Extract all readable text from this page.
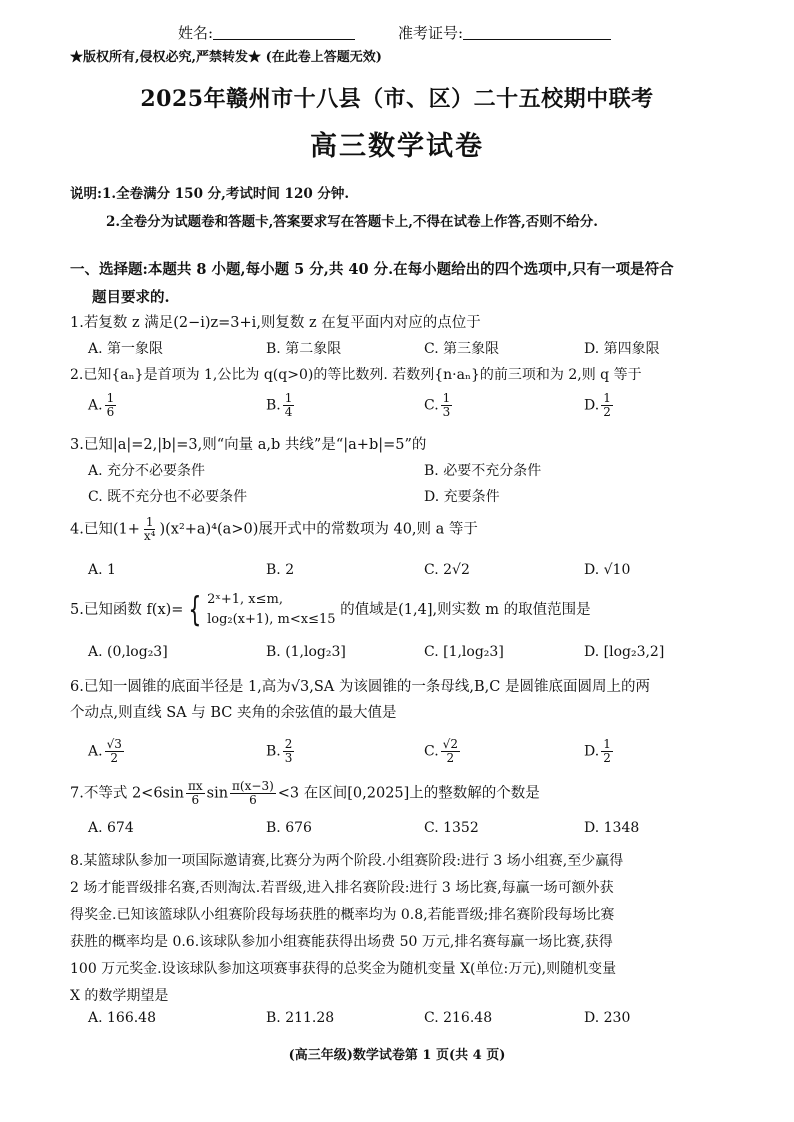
姓名:	准考证号:
★版权所有,侵权必究,严禁转发★ (在此卷上答题无效)
2025年赣州市十八县（市、区）二十五校期中联考
高三数学试卷
说明:1.全卷满分 150 分,考试时间 120 分钟.
2.全卷分为试题卷和答题卡,答案要求写在答题卡上,不得在试卷上作答,否则不给分.
一、选择题:本题共 8 小题,每小题 5 分,共 40 分.在每小题给出的四个选项中,只有一项是符合
题目要求的.
1.若复数 z 满足(2−i)z=3+i,则复数 z 在复平面内对应的点位于
A. 第一象限	B. 第二象限	C. 第三象限	D. 第四象限
2.已知{aₙ}是首项为 1,公比为 q(q>0)的等比数列. 若数列{n·aₙ}的前三项和为 2,则 q 等于
A. $\frac{1}{6}$	B. $\frac{1}{4}$	C. $\frac{1}{3}$	D. $\frac{1}{2}$
3.已知|a|=2,|b|=3,则“向量 a,b 共线”是“|a+b|=5”的
A. 充分不必要条件	B. 必要不充分条件
C. 既不充分也不必要条件	D. 充要条件
4.已知$(1+ \frac{1}{\text{x⁴}} )(x^2+a)^4(a>0)$展开式中的常数项为 40,则 a 等于
A. 1	B. 2	C. 2√2	D. √10
5.已知函数 f(x)= { 2ˣ+1, x≤m,
log₂(x+1), m<x≤15
的值域是(1,4],则实数 m 的取值范围是
A. (0,log₂3]	B. (1,log₂3]	C. [1,log₂3]	D. [log₂3,2]
6.已知一圆锥的底面半径是 1,高为√3,SA 为该圆锥的一条母线,B,C 是圆锥底面圆周上的两
个动点,则直线 SA 与 BC 夹角的余弦值的最大值是
A. $\frac{√3}{2}$	B. $\frac{2}{3}$	C. $\frac{√2}{2}$	D. $\frac{1}{2}$
7.不等式 $2<6\sin \frac{\pi x}{6}$ $\sin \frac{\pi(x-3)}{6} <3$ 在区间[0,2025]上的整数解的个数是
A. 674	B. 676	C. 1352	D. 1348
8.某篮球队参加一项国际邀请赛,比赛分为两个阶段.小组赛阶段:进行 3 场小组赛,至少赢得
2 场才能晋级排名赛,否则淘汰.若晋级,进入排名赛阶段:进行 3 场比赛,每赢一场可额外获
得奖金.已知该篮球队小组赛阶段每场获胜的概率均为 0.8,若能晋级;排名赛阶段每场比赛
获胜的概率均是 0.6.该球队参加小组赛能获得出场费 50 万元,排名赛每赢一场比赛,获得
100 万元奖金.设该球队参加这项赛事获得的总奖金为随机变量 X(单位:万元),则随机变量
X 的数学期望是
A. 166.48	B. 211.28	C. 216.48	D. 230
(高三年级)数学试卷第 1 页(共 4 页)
